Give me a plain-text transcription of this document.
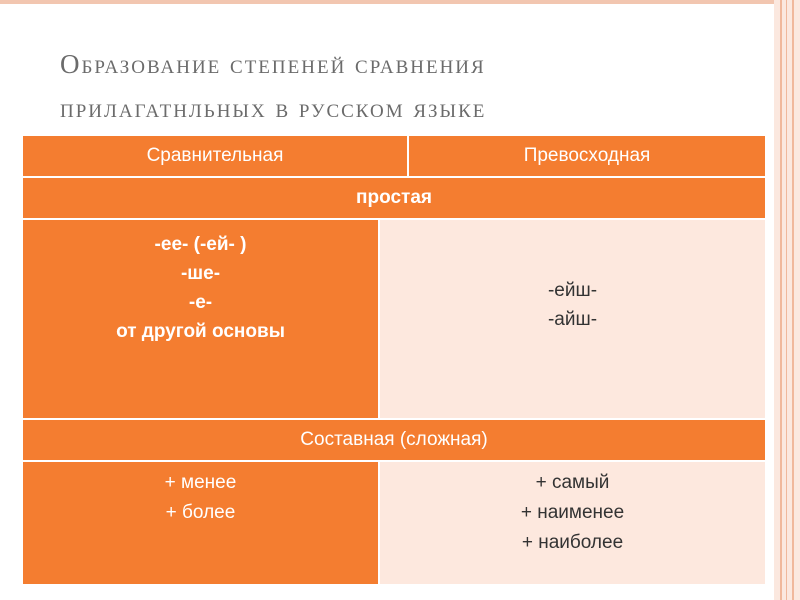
Образование степеней сравнения
прилагатнльных в русском языке
Сравнительная	Превосходная
простая
-ее- (-ей- )
-ше-
-е-
от другой основы
-ейш-
-айш-
Составная (сложная)
+ менее
+ более
+ самый
+ наименее
+ наиболее
